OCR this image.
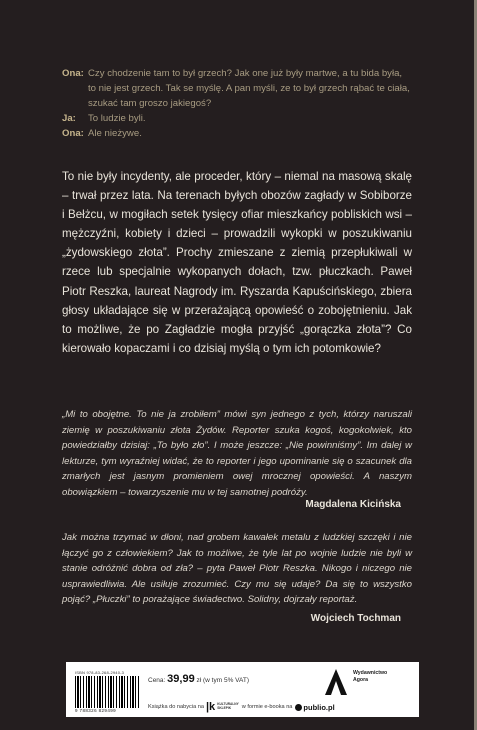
Ona: Czy chodzenie tam to był grzech? Jak one już były martwe, a tu bida była,
to nie jest grzech. Tak se myślę. A pan myśli, ze to był grzech rąbać te ciała,
szukać tam groszo jakiegoś?
Ja:	To ludzie byli.
Ona: Ale nieżywe.

To nie były incydenty, ale proceder, który – niemal na masową skalę – trwał przez lata. Na terenach byłych obozów zagłady w Sobiborze i Bełżcu, w mogiłach setek tysięcy ofiar mieszkańcy pobliskich wsi – mężczyźni, kobiety i dzieci – prowadzili wykopki w poszukiwaniu „żydowskiego złota”. Prochy zmieszane z ziemią przepłukiwali w rzece lub specjalnie wykopanych dołach, tzw. płuczkach. Paweł Piotr Reszka, laureat Nagrody im. Ryszarda Kapuścińskiego, zbiera głosy układające się w przerażającą opowieść o zobojętnieniu. Jak to możliwe, że po Zagładzie mogła przyjść „gorączka złota”? Co kierowało kopaczami i co dzisiaj myślą o tym ich potomkowie?

„Mi to obojętne. To nie ja zrobiłem” mówi syn jednego z tych, którzy naruszali ziemię w poszukiwaniu złota Żydów. Reporter szuka kogoś, kogokolwiek, kto powiedziałby dzisiaj: „To było zło”. I może jeszcze: „Nie powinniśmy”. Im dalej w lekturze, tym wyraźniej widać, że to reporter i jego upominanie się o szacunek dla zmarłych jest jasnym promieniem owej mrocznej opowieści. A naszym obowiązkiem – towarzyszenie mu w tej samotnej podróży.
Magdalena Kicińska
Jak można trzymać w dłoni, nad grobem kawałek metalu z ludzkiej szczęki i nie łączyć go z człowiekiem? Jak to możliwe, że tyle lat po wojnie ludzie nie byli w stanie odróżnić dobra od zła? – pyta Paweł Piotr Reszka. Nikogo i niczego nie usprawiedliwia. Ale usiłuje zrozumieć. Czy mu się udaje? Da się to wszystko pojąć? „Płuczki” to porażające świadectwo. Solidny, dojrzały reportaż.
Wojciech Tochman
ISBN 978-83-268-2940-3
9 788326 829499
Cena: 39,99 zł (w tym 5% VAT)
Wydawnictwo
Agora
Książka do nabycia na |k KULTURALNY
SKLEPIK	w formie e-booka na publio.pl
